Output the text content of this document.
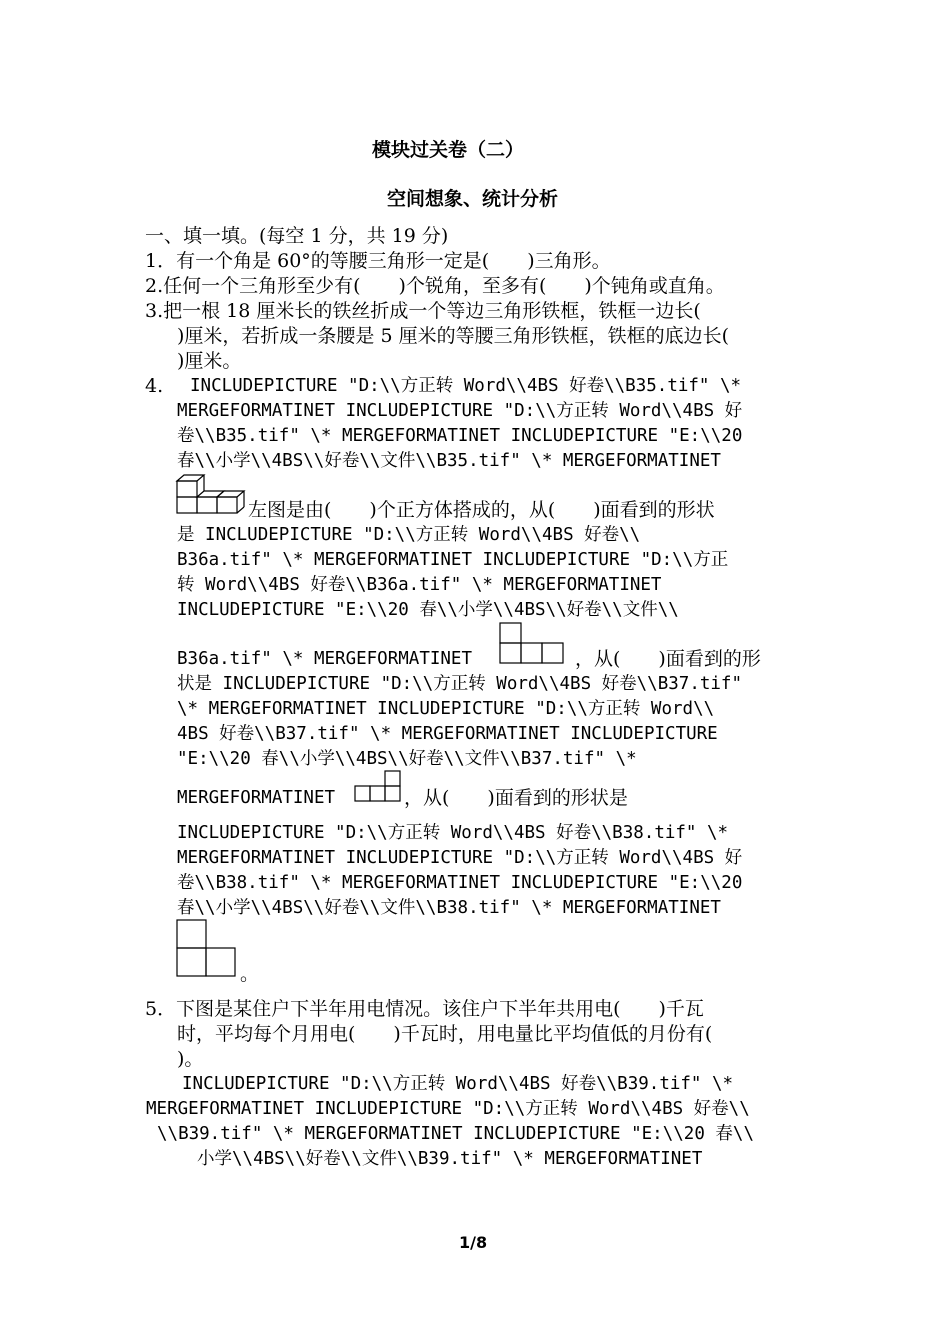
模块过关卷（二）
空间想象、统计分析
一、填一填。(每空 1 分，共 19 分)
1．有一个角是 60°的等腰三角形一定是(　　)三角形。
2.任何一个三角形至少有(　　)个锐角，至多有(　　)个钝角或直角。
3.把一根 18 厘米长的铁丝折成一个等边三角形铁框，铁框一边长(
)厘米，若折成一条腰是 5 厘米的等腰三角形铁框，铁框的底边长(
)厘米。
4. INCLUDEPICTURE "D:\\方正转 Word\\4BS 好卷\\B35.tif" \*
MERGEFORMATINET INCLUDEPICTURE "D:\\方正转 Word\\4BS 好
卷\\B35.tif" \* MERGEFORMATINET INCLUDEPICTURE "E:\\20
春\\小学\\4BS\\好卷\\文件\\B35.tif" \* MERGEFORMATINET
左图是由(　　)个正方体搭成的，从(　　)面看到的形状
是 INCLUDEPICTURE "D:\\方正转 Word\\4BS 好卷\\
B36a.tif" \* MERGEFORMATINET INCLUDEPICTURE "D:\\方正
转 Word\\4BS 好卷\\B36a.tif" \* MERGEFORMATINET
INCLUDEPICTURE "E:\\20 春\\小学\\4BS\\好卷\\文件\\
B36a.tif" \* MERGEFORMATINET	，从(　　)面看到的形
状是 INCLUDEPICTURE "D:\\方正转 Word\\4BS 好卷\\B37.tif"
\* MERGEFORMATINET INCLUDEPICTURE "D:\\方正转 Word\\
4BS 好卷\\B37.tif" \* MERGEFORMATINET INCLUDEPICTURE
"E:\\20 春\\小学\\4BS\\好卷\\文件\\B37.tif" \*
MERGEFORMATINET	，从(　　)面看到的形状是
INCLUDEPICTURE "D:\\方正转 Word\\4BS 好卷\\B38.tif" \*
MERGEFORMATINET INCLUDEPICTURE "D:\\方正转 Word\\4BS 好
卷\\B38.tif" \* MERGEFORMATINET INCLUDEPICTURE "E:\\20
春\\小学\\4BS\\好卷\\文件\\B38.tif" \* MERGEFORMATINET
。
5．下图是某住户下半年用电情况。该住户下半年共用电(　　)千瓦
时，平均每个月用电(　　)千瓦时，用电量比平均值低的月份有(
)。
INCLUDEPICTURE "D:\\方正转 Word\\4BS 好卷\\B39.tif" \*
MERGEFORMATINET INCLUDEPICTURE "D:\\方正转 Word\\4BS 好卷\\
\\B39.tif" \* MERGEFORMATINET INCLUDEPICTURE "E:\\20 春\\
小学\\4BS\\好卷\\文件\\B39.tif" \* MERGEFORMATINET
1/8
